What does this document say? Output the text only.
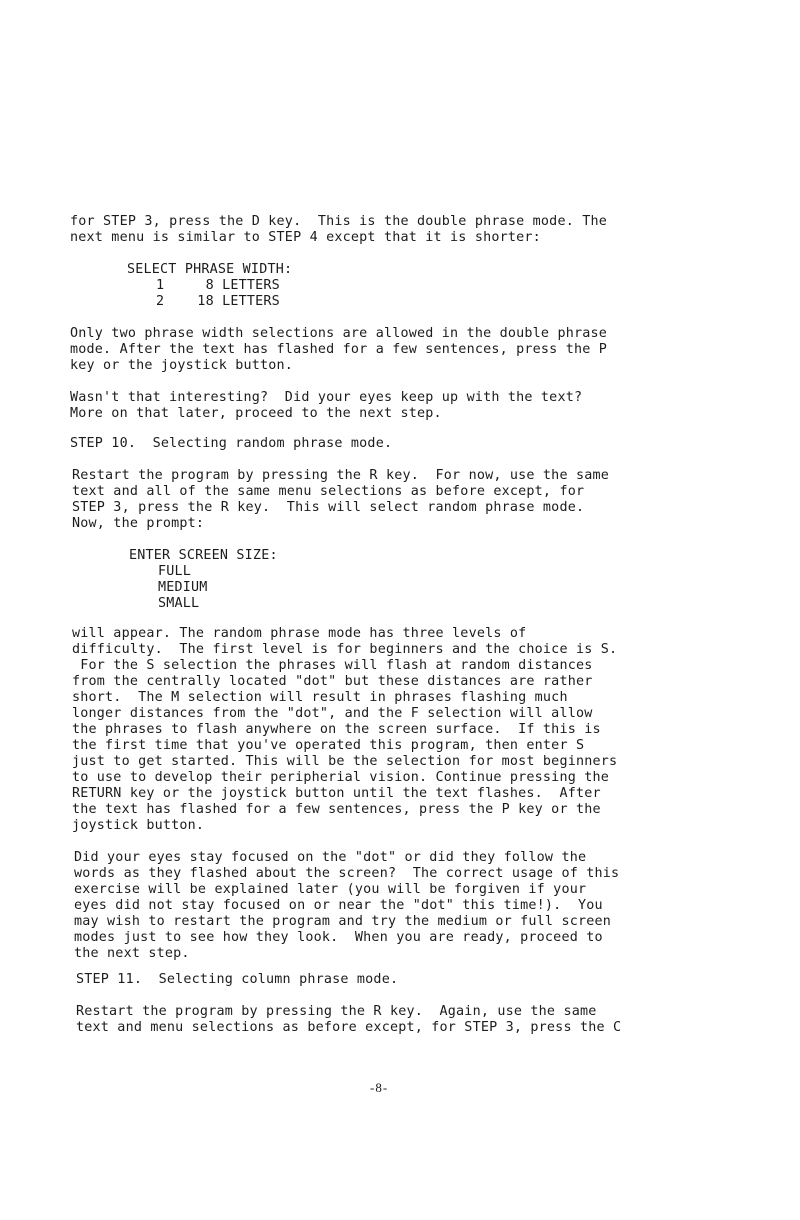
for STEP 3, press the D key.  This is the double phrase mode. The

next menu is similar to STEP 4 except that it is shorter:

SELECT PHRASE WIDTH:

1     8 LETTERS

2    18 LETTERS

Only two phrase width selections are allowed in the double phrase

mode. After the text has flashed for a few sentences, press the P

key or the joystick button.

Wasn't that interesting?  Did your eyes keep up with the text?

More on that later, proceed to the next step.

STEP 10.  Selecting random phrase mode.

Restart the program by pressing the R key.  For now, use the same

text and all of the same menu selections as before except, for

STEP 3, press the R key.  This will select random phrase mode.

Now, the prompt:

ENTER SCREEN SIZE:

FULL

MEDIUM

SMALL

will appear. The random phrase mode has three levels of

difficulty.  The first level is for beginners and the choice is S.

For the S selection the phrases will flash at random distances

from the centrally located "dot" but these distances are rather

short.  The M selection will result in phrases flashing much

longer distances from the "dot", and the F selection will allow

the phrases to flash anywhere on the screen surface.  If this is

the first time that you've operated this program, then enter S

just to get started. This will be the selection for most beginners

to use to develop their peripherial vision. Continue pressing the

RETURN key or the joystick button until the text flashes.  After

the text has flashed for a few sentences, press the P key or the

joystick button.

Did your eyes stay focused on the "dot" or did they follow the

words as they flashed about the screen?  The correct usage of this

exercise will be explained later (you will be forgiven if your

eyes did not stay focused on or near the "dot" this time!).  You

may wish to restart the program and try the medium or full screen

modes just to see how they look.  When you are ready, proceed to

the next step.

STEP 11.  Selecting column phrase mode.

Restart the program by pressing the R key.  Again, use the same

text and menu selections as before except, for STEP 3, press the C

-8-
